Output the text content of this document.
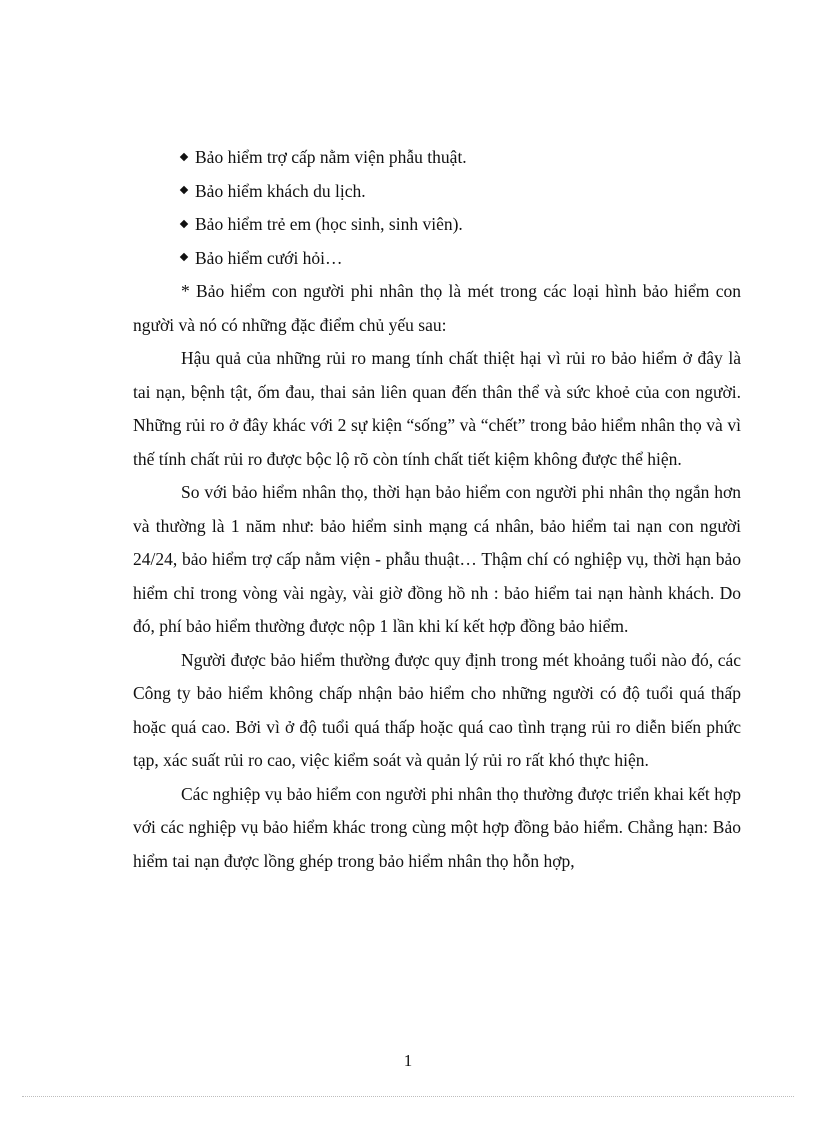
Bảo hiểm trợ cấp nằm viện phẫu thuật.

Bảo hiểm khách du lịch.

Bảo hiểm trẻ em (học sinh, sinh viên).

Bảo hiểm cưới hỏi…

* Bảo hiểm con người phi nhân thọ là mét trong các loại hình bảo hiểm con người và nó có những đặc điểm chủ yếu sau:

Hậu quả của những rủi ro mang tính chất thiệt hại vì rủi ro bảo hiểm ở đây là tai nạn, bệnh tật, ốm đau, thai sản liên quan đến thân thể và sức khoẻ của con người. Những rủi ro ở đây khác với 2 sự kiện “sống” và “chết” trong bảo hiểm nhân thọ và vì thế tính chất rủi ro được bộc lộ rõ còn tính chất tiết kiệm không được thể hiện.

So với bảo hiểm nhân thọ, thời hạn bảo hiểm con người phi nhân thọ ngắn hơn và thường là 1 năm như: bảo hiểm sinh mạng cá nhân, bảo hiểm tai nạn con người 24/24, bảo hiểm trợ cấp nằm viện - phẫu thuật… Thậm chí có nghiệp vụ, thời hạn bảo hiểm chỉ trong vòng vài ngày, vài giờ đồng hồ nh : bảo hiểm tai nạn hành khách. Do đó, phí bảo hiểm thường được nộp 1 lần khi kí kết hợp đồng bảo hiểm.

Người được bảo hiểm thường được quy định trong mét khoảng tuổi nào đó, các Công ty bảo hiểm không chấp nhận bảo hiểm cho những người có độ tuổi quá thấp hoặc quá cao. Bởi vì ở độ tuổi quá thấp hoặc quá cao tình trạng rủi ro diễn biến phức tạp, xác suất rủi ro cao, việc kiểm soát và quản lý rủi ro rất khó thực hiện.

Các nghiệp vụ bảo hiểm con người phi nhân thọ thường được triển khai kết hợp với các nghiệp vụ bảo hiểm khác trong cùng một hợp đồng bảo hiểm. Chẳng hạn: Bảo hiểm tai nạn được lồng ghép trong bảo hiểm nhân thọ hỗn hợp,

1
